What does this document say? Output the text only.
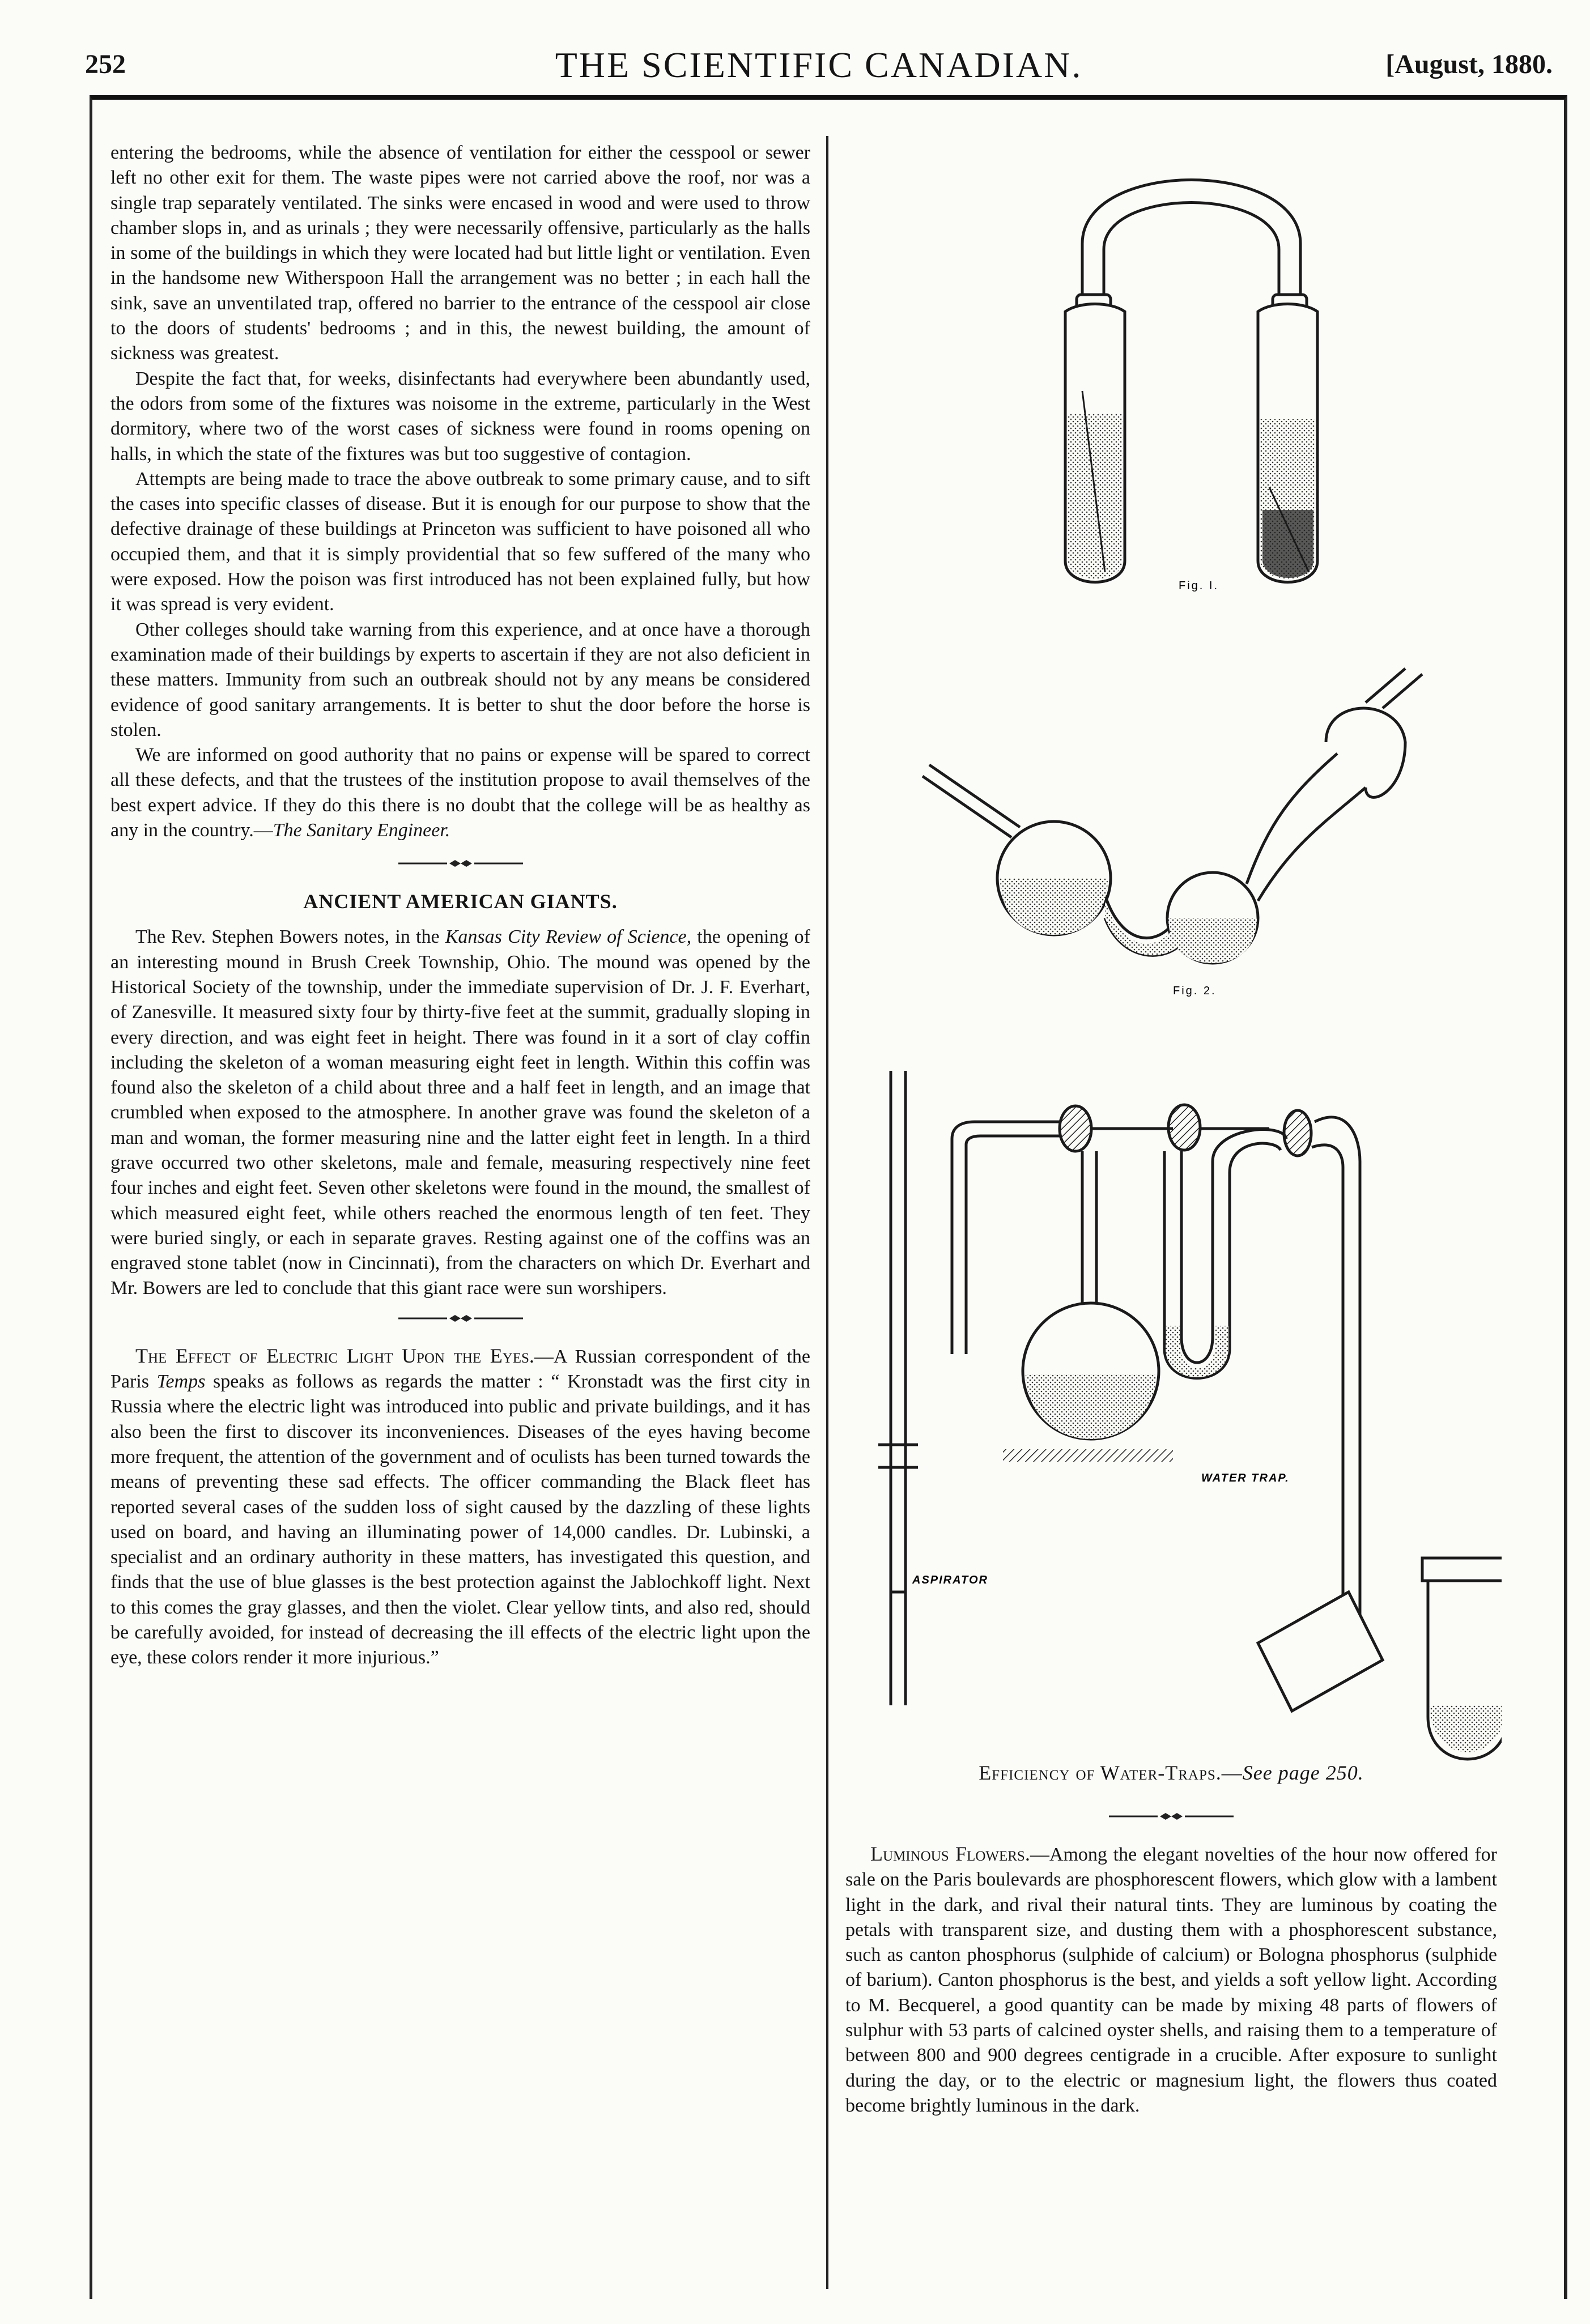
252	THE SCIENTIFIC CANADIAN.	[August, 1880.

entering the bedrooms, while the absence of ventilation for either the cesspool or sewer left no other exit for them. The waste pipes were not carried above the roof, nor was a single trap separately ventilated. The sinks were encased in wood and were used to throw chamber slops in, and as urinals ; they were necessarily offensive, particularly as the halls in some of the buildings in which they were located had but little light or ventilation. Even in the handsome new Witherspoon Hall the arrangement was no better ; in each hall the sink, save an unventilated trap, offered no barrier to the entrance of the cesspool air close to the doors of students' bedrooms ; and in this, the newest building, the amount of sickness was greatest.

Despite the fact that, for weeks, disinfectants had everywhere been abundantly used, the odors from some of the fixtures was noisome in the extreme, particularly in the West dormitory, where two of the worst cases of sickness were found in rooms opening on halls, in which the state of the fixtures was but too suggestive of contagion.

Attempts are being made to trace the above outbreak to some primary cause, and to sift the cases into specific classes of disease. But it is enough for our purpose to show that the defective drainage of these buildings at Princeton was sufficient to have poisoned all who occupied them, and that it is simply providential that so few suffered of the many who were exposed. How the poison was first introduced has not been explained fully, but how it was spread is very evident.

Other colleges should take warning from this experience, and at once have a thorough examination made of their buildings by experts to ascertain if they are not also deficient in these matters. Immunity from such an outbreak should not by any means be considered evidence of good sanitary arrangements. It is better to shut the door before the horse is stolen.

We are informed on good authority that no pains or expense will be spared to correct all these defects, and that the trustees of the institution propose to avail themselves of the best expert advice. If they do this there is no doubt that the college will be as healthy as any in the country.—The Sanitary Engineer.

ANCIENT AMERICAN GIANTS.

The Rev. Stephen Bowers notes, in the Kansas City Review of Science, the opening of an interesting mound in Brush Creek Township, Ohio. The mound was opened by the Historical Society of the township, under the immediate supervision of Dr. J. F. Everhart, of Zanesville. It measured sixty four by thirty-five feet at the summit, gradually sloping in every direction, and was eight feet in height. There was found in it a sort of clay coffin including the skeleton of a woman measuring eight feet in length. Within this coffin was found also the skeleton of a child about three and a half feet in length, and an image that crumbled when exposed to the atmosphere. In another grave was found the skeleton of a man and woman, the former measuring nine and the latter eight feet in length. In a third grave occurred two other skeletons, male and female, measuring respectively nine feet four inches and eight feet. Seven other skeletons were found in the mound, the smallest of which measured eight feet, while others reached the enormous length of ten feet. They were buried singly, or each in separate graves. Resting against one of the coffins was an engraved stone tablet (now in Cincinnati), from the characters on which Dr. Everhart and Mr. Bowers are led to conclude that this giant race were sun worshipers.

The Effect of Electric Light Upon the Eyes.—A Russian correspondent of the Paris Temps speaks as follows as regards the matter : “ Kronstadt was the first city in Russia where the electric light was introduced into public and private buildings, and it has also been the first to discover its inconveniences. Diseases of the eyes having become more frequent, the attention of the government and of oculists has been turned towards the means of preventing these sad effects. The officer commanding the Black fleet has reported several cases of the sudden loss of sight caused by the dazzling of these lights used on board, and having an illuminating power of 14,000 candles. Dr. Lubinski, a specialist and an ordinary authority in these matters, has investigated this question, and finds that the use of blue glasses is the best protection against the Jablochkoff light. Next to this comes the gray glasses, and then the violet. Clear yellow tints, and also red, should be carefully avoided, for instead of decreasing the ill effects of the electric light upon the eye, these colors render it more injurious.”

Fig. I.
Fig. 2.
WATER TRAP.
ASPIRATOR
Efficiency of Water-Traps.—See page 250.

Luminous Flowers.—Among the elegant novelties of the hour now offered for sale on the Paris boulevards are phosphorescent flowers, which glow with a lambent light in the dark, and rival their natural tints. They are luminous by coating the petals with transparent size, and dusting them with a phosphorescent substance, such as canton phosphorus (sulphide of calcium) or Bologna phosphorus (sulphide of barium). Canton phosphorus is the best, and yields a soft yellow light. According to M. Becquerel, a good quantity can be made by mixing 48 parts of flowers of sulphur with 53 parts of calcined oyster shells, and raising them to a temperature of between 800 and 900 degrees centigrade in a crucible. After exposure to sunlight during the day, or to the electric or magnesium light, the flowers thus coated become brightly luminous in the dark.
